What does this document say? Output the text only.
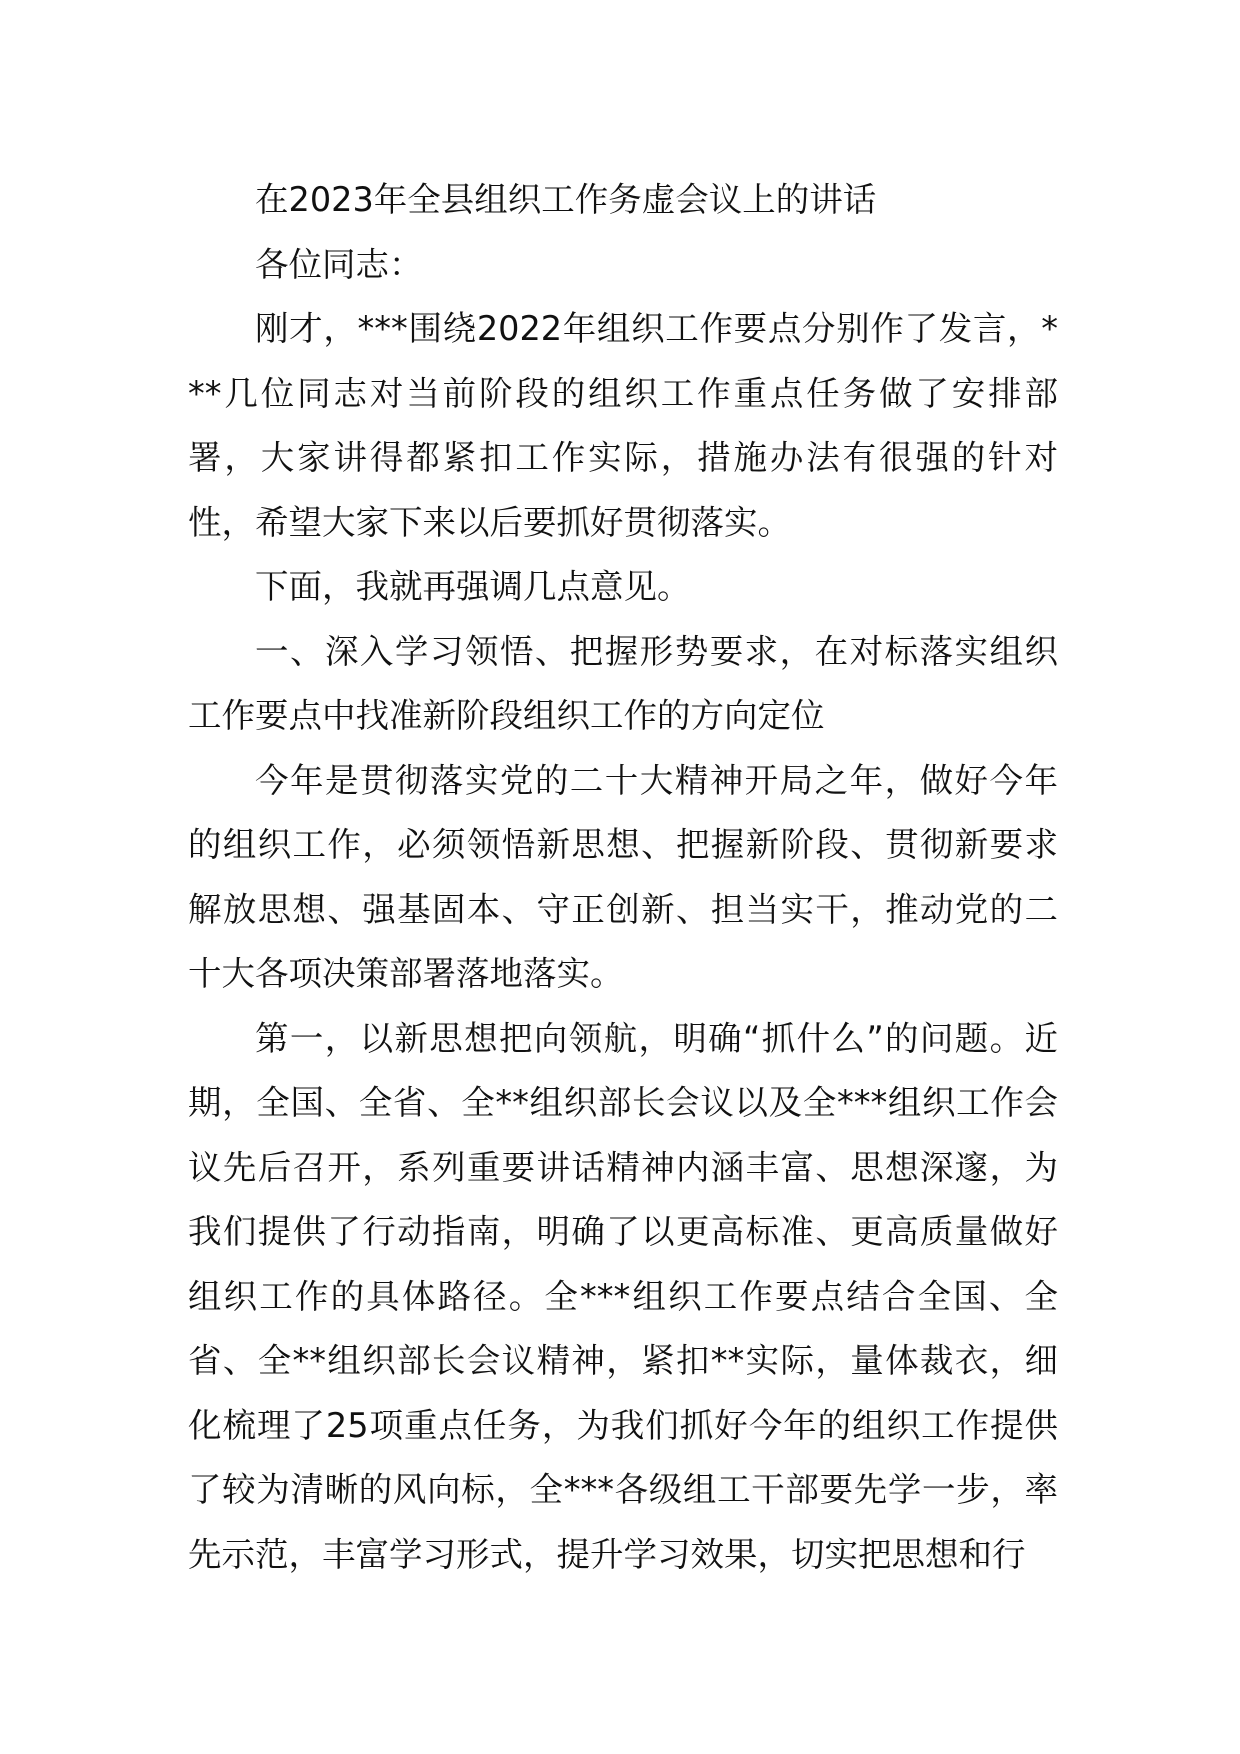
在2023年全县组织工作务虚会议上的讲话

各位同志：

刚才，***围绕2022年组织工作要点分别作了发言，***几位同志对当前阶段的组织工作重点任务做了安排部署，大家讲得都紧扣工作实际，措施办法有很强的针对性，希望大家下来以后要抓好贯彻落实。

下面，我就再强调几点意见。

一、深入学习领悟、把握形势要求，在对标落实组织工作要点中找准新阶段组织工作的方向定位

今年是贯彻落实党的二十大精神开局之年，做好今年的组织工作，必须领悟新思想、把握新阶段、贯彻新要求解放思想、强基固本、守正创新、担当实干，推动党的二十大各项决策部署落地落实。

第一，以新思想把向领航，明确“抓什么”的问题。近期，全国、全省、全**组织部长会议以及全***组织工作会议先后召开，系列重要讲话精神内涵丰富、思想深邃，为我们提供了行动指南，明确了以更高标准、更高质量做好组织工作的具体路径。全***组织工作要点结合全国、全省、全**组织部长会议精神，紧扣**实际，量体裁衣，细化梳理了25项重点任务，为我们抓好今年的组织工作提供了较为清晰的风向标，全***各级组工干部要先学一步，率先示范，丰富学习形式，提升学习效果，切实把思想和行
